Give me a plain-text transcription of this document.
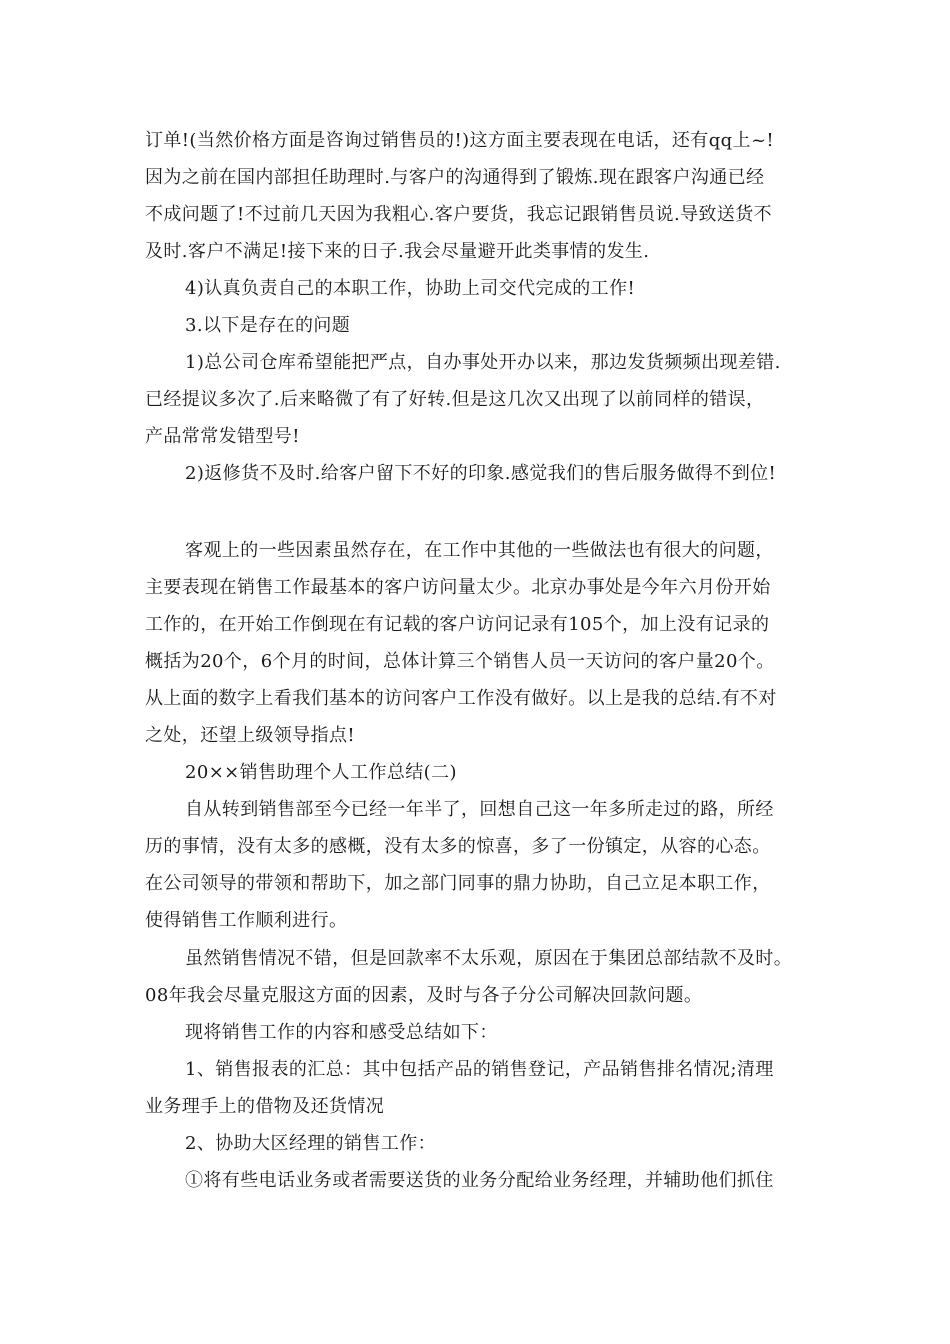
订单!(当然价格方面是咨询过销售员的!)这方面主要表现在电话，还有qq上~!

因为之前在国内部担任助理时.与客户的沟通得到了锻炼.现在跟客户沟通已经

不成问题了!不过前几天因为我粗心.客户要货，我忘记跟销售员说.导致送货不

及时.客户不满足!接下来的日子.我会尽量避开此类事情的发生.

4)认真负责自己的本职工作，协助上司交代完成的工作!

3.以下是存在的问题

1)总公司仓库希望能把严点，自办事处开办以来，那边发货频频出现差错.

已经提议多次了.后来略微了有了好转.但是这几次又出现了以前同样的错误，

产品常常发错型号!

2)返修货不及时.给客户留下不好的印象.感觉我们的售后服务做得不到位!

客观上的一些因素虽然存在，在工作中其他的一些做法也有很大的问题，

主要表现在销售工作最基本的客户访问量太少。北京办事处是今年六月份开始

工作的，在开始工作倒现在有记载的客户访问记录有105个，加上没有记录的

概括为20个，6个月的时间，总体计算三个销售人员一天访问的客户量20个。

从上面的数字上看我们基本的访问客户工作没有做好。以上是我的总结.有不对

之处，还望上级领导指点!

20××销售助理个人工作总结(二)

自从转到销售部至今已经一年半了，回想自己这一年多所走过的路，所经

历的事情，没有太多的感概，没有太多的惊喜，多了一份镇定，从容的心态。

在公司领导的带领和帮助下，加之部门同事的鼎力协助，自己立足本职工作，

使得销售工作顺利进行。

虽然销售情况不错，但是回款率不太乐观，原因在于集团总部结款不及时。

08年我会尽量克服这方面的因素，及时与各子分公司解决回款问题。

现将销售工作的内容和感受总结如下：

1、销售报表的汇总：其中包括产品的销售登记，产品销售排名情况;清理

业务理手上的借物及还货情况

2、协助大区经理的销售工作：

①将有些电话业务或者需要送货的业务分配给业务经理，并辅助他们抓住
